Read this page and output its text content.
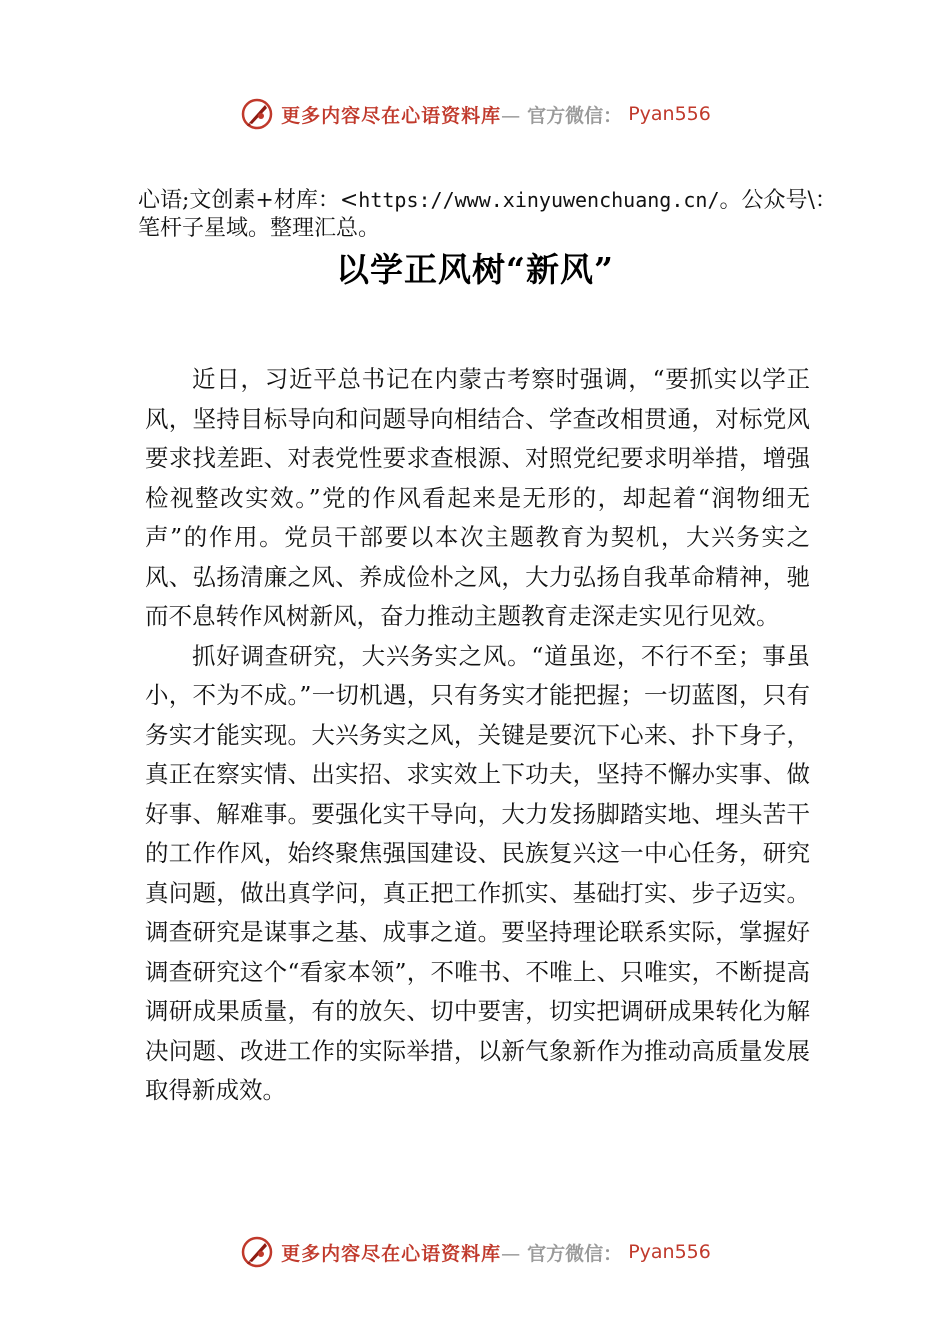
更多内容尽在心语资料库— 官方微信： Pyan556
心语;文创素+材库：<https://www.xinyuwenchuang.cn/。公众号\：笔杆子星域。整理汇总。
以学正风树“新风”

近日，习近平总书记在内蒙古考察时强调，“要抓实以学正风，坚持目标导向和问题导向相结合、学查改相贯通，对标党风要求找差距、对表党性要求查根源、对照党纪要求明举措，增强检视整改实效。”党的作风看起来是无形的，却起着“润物细无声”的作用。党员干部要以本次主题教育为契机，大兴务实之风、弘扬清廉之风、养成俭朴之风，大力弘扬自我革命精神，驰而不息转作风树新风，奋力推动主题教育走深走实见行见效。

抓好调查研究，大兴务实之风。“道虽迩，不行不至；事虽小，不为不成。”一切机遇，只有务实才能把握；一切蓝图，只有务实才能实现。大兴务实之风，关键是要沉下心来、扑下身子，真正在察实情、出实招、求实效上下功夫，坚持不懈办实事、做好事、解难事。要强化实干导向，大力发扬脚踏实地、埋头苦干的工作作风，始终聚焦强国建设、民族复兴这一中心任务，研究真问题，做出真学问，真正把工作抓实、基础打实、步子迈实。调查研究是谋事之基、成事之道。要坚持理论联系实际，掌握好调查研究这个“看家本领”，不唯书、不唯上、只唯实，不断提高调研成果质量，有的放矢、切中要害，切实把调研成果转化为解决问题、改进工作的实际举措，以新气象新作为推动高质量发展取得新成效。

更多内容尽在心语资料库— 官方微信： Pyan556
